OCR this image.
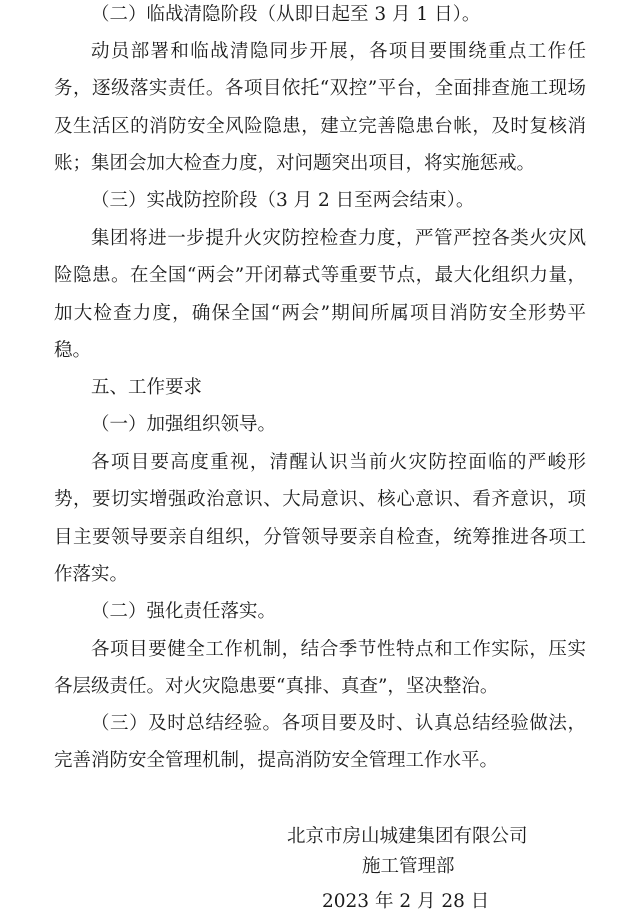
（二）临战清隐阶段（从即日起至 3 月 1 日）。

动员部署和临战清隐同步开展，各项目要围绕重点工作任务，逐级落实责任。各项目依托“双控”平台，全面排查施工现场及生活区的消防安全风险隐患，建立完善隐患台帐，及时复核消账；集团会加大检查力度，对问题突出项目，将实施惩戒。

（三）实战防控阶段（3 月 2 日至两会结束）。

集团将进一步提升火灾防控检查力度，严管严控各类火灾风险隐患。在全国“两会”开闭幕式等重要节点，最大化组织力量，加大检查力度，确保全国“两会”期间所属项目消防安全形势平稳。

五、工作要求

（一）加强组织领导。

各项目要高度重视，清醒认识当前火灾防控面临的严峻形势，要切实增强政治意识、大局意识、核心意识、看齐意识，项目主要领导要亲自组织，分管领导要亲自检查，统筹推进各项工作落实。

（二）强化责任落实。

各项目要健全工作机制，结合季节性特点和工作实际，压实各层级责任。对火灾隐患要“真排、真查”，坚决整治。

（三）及时总结经验。各项目要及时、认真总结经验做法，完善消防安全管理机制，提高消防安全管理工作水平。

北京市房山城建集团有限公司

施工管理部

2023 年 2 月 28 日
